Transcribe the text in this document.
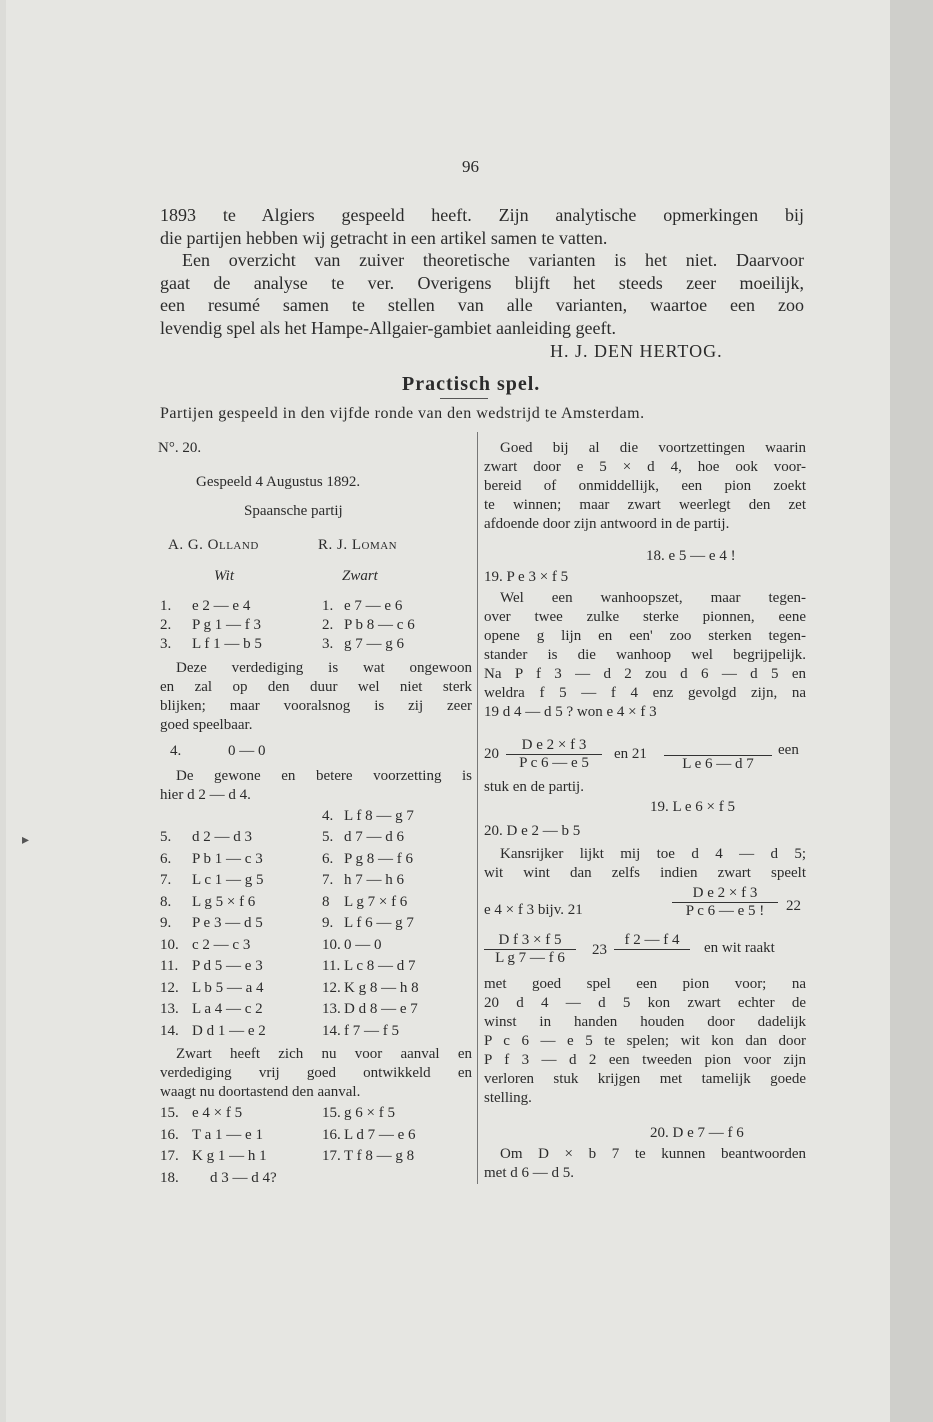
96
1893 te Algiers gespeeld heeft. Zijn analytische opmerkingen bij
die partijen hebben wij getracht in een artikel samen te vatten.
Een overzicht van zuiver theoretische varianten is het niet. Daarvoor
gaat de analyse te ver. Overigens blijft het steeds zeer moeilijk,
een resumé samen te stellen van alle varianten, waartoe een zoo
levendig spel als het Hampe-Allgaier-gambiet aanleiding geeft.
H. J. DEN HERTOG.
Practisch spel.
Partijen gespeeld in den vijfde ronde van den wedstrijd te Amsterdam.
▸
N°. 20.
Gespeeld 4 Augustus 1892.
Spaansche partij
A. G. Olland	R. J. Loman
Wit	Zwart
1. e 2 — e 4	1. e 7 — e 6
2. P g 1 — f 3	2. P b 8 — c 6
3. L f 1 — b 5	3. g 7 — g 6
Deze verdediging is wat ongewoon
en zal op den duur wel niet sterk
blijken; maar vooralsnog is zij zeer
goed speelbaar.
4.	0 — 0
De gewone en betere voorzetting is
hier d 2 — d 4.
4. L f 8 — g 7
5. d 2 — d 3	5. d 7 — d 6
6. P b 1 — c 3	6. P g 8 — f 6
7. L c 1 — g 5	7. h 7 — h 6
8. L g 5 × f 6	8 L g 7 × f 6
9. P e 3 — d 5	9. L f 6 — g 7
10. c 2 — c 3	10. 0 — 0
11. P d 5 — e 3	11. L c 8 — d 7
12. L b 5 — a 4	12. K g 8 — h 8
13. L a 4 — c 2	13. D d 8 — e 7
14. D d 1 — e 2	14. f 7 — f 5
Zwart heeft zich nu voor aanval en
verdediging vrij goed ontwikkeld en
waagt nu doortastend den aanval.
15. e 4 × f 5	15. g 6 × f 5
16. T a 1 — e 1	16. L d 7 — e 6
17. K g 1 — h 1	17. T f 8 — g 8
18. d 3 — d 4?
Goed bij al die voortzettingen waarin
zwart door e 5 × d 4, hoe ook voor-
bereid of onmiddellijk, een pion zoekt
te winnen; maar zwart weerlegt den zet
afdoende door zijn antwoord in de partij.
18. e 5 — e 4 !
19. P e 3 × f 5
Wel een wanhoopszet, maar tegen-
over twee zulke sterke pionnen, eene
opene g lijn en een' zoo sterken tegen-
stander is die wanhoop wel begrijpelijk.
Na P f 3 — d 2 zou d 6 — d 5 en
weldra f 5 — f 4 enz gevolgd zijn, na
19 d 4 — d 5 ? won e 4 × f 3
$20 \frac{\text{D e 2 × f 3}}{\text{P c 6 — e 5}}$ en 21
L e 6 — d 7
een
stuk en de partij.
19. L e 6 × f 5
20. D e 2 — b 5
Kansrijker lijkt mij toe d 4 — d 5;
wit wint dan zelfs indien zwart speelt
e 4 × f 3 bijv. 21	$\frac{\text{D e 2 × f 3}}{\text{P c 6 — e 5 !}} 22$
$\frac{\text{D f 3 × f 5}}{\text{L g 7 — f 6}} 23$
f 2 — f 4	en wit raakt
met goed spel een pion voor; na
20 d 4 — d 5 kon zwart echter de
winst in handen houden door dadelijk
P c 6 — e 5 te spelen; wit kon dan door
P f 3 — d 2 een tweeden pion voor zijn
verloren stuk krijgen met tamelijk goede
stelling.
20. D e 7 — f 6
Om D × b 7 te kunnen beantwoorden
met d 6 — d 5.
